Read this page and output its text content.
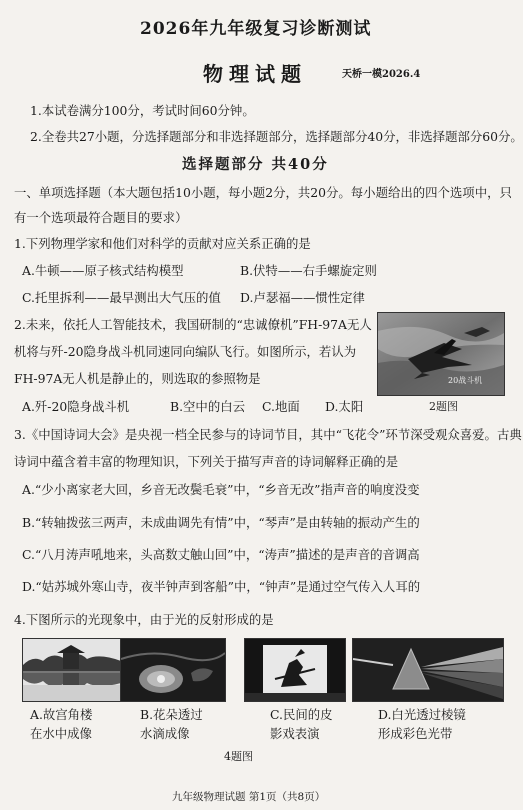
2026年九年级复习诊断测试
物理试题	天桥一模2026.4
1.本试卷满分100分，考试时间60分钟。
2.全卷共27小题，分选择题部分和非选择题部分，选择题部分40分，非选择题部分60分。
选择题部分 共40分
一、单项选择题（本大题包括10小题，每小题2分，共20分。每小题给出的四个选项中，只
有一个选项最符合题目的要求）
1.下列物理学家和他们对科学的贡献对应关系正确的是
A.牛顿——原子核式结构模型	B.伏特——右手螺旋定则
C.托里拆利——最早测出大气压的值 D.卢瑟福——惯性定律
2.未来，依托人工智能技术，我国研制的“忠诚僚机”FH-97A无人
机将与歼-20隐身战斗机同速同向编队飞行。如图所示，若认为
FH-97A无人机是静止的，则选取的参照物是
A.歼-20隐身战斗机	B.空中的白云 C.地面 D.太阳
20战斗机
2题图
3.《中国诗词大会》是央视一档全民参与的诗词节目，其中“飞花令”环节深受观众喜爱。古典
诗词中蕴含着丰富的物理知识，下列关于描写声音的诗词解释正确的是
A.“少小离家老大回，乡音无改鬓毛衰”中，“乡音无改”指声音的响度没变
B.“转轴拨弦三两声，未成曲调先有情”中，“琴声”是由转轴的振动产生的
C.“八月涛声吼地来，头高数丈触山回”中，“涛声”描述的是声音的音调高
D.“姑苏城外寒山寺，夜半钟声到客船”中，“钟声”是通过空气传入人耳的
4.下图所示的光现象中，由于光的反射形成的是
A.故宫角楼
在水中成像
B.花朵透过
水滴成像
C.民间的皮
影戏表演
D.白光透过棱镜
形成彩色光带
4题图
九年级物理试题 第1页（共8页）
